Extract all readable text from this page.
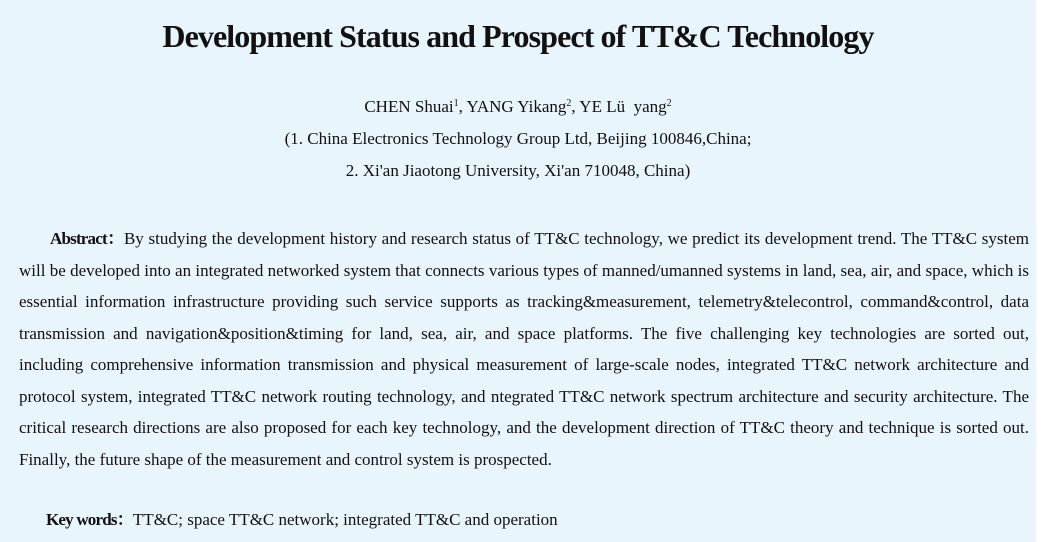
Development Status and Prospect of TT&C Technology
CHEN Shuai$^1$, YANG Yikang$^2$, YE Lü  yang$^2$
(1. China Electronics Technology Group Ltd, Beijing 100846,China;
2. Xi'an Jiaotong University, Xi'an 710048, China)

Abstract：By studying the development history and research status of TT&C technology, we predict its development trend. The TT&C system will be developed into an integrated networked system that connects various types of manned/umanned systems in land, sea, air, and space, which is essential information infrastructure providing such service supports as tracking&measurement, telemetry&telecontrol, command&control, data transmission and navigation&position&timing for land, sea, air, and space platforms. The five challenging key technologies are sorted out, including comprehensive information transmission and physical measurement of large-scale nodes, integrated TT&C network architecture and protocol system, integrated TT&C network routing technology, and ntegrated TT&C network spectrum architecture and security architecture. The critical research directions are also proposed for each key technology, and the development direction of TT&C theory and technique is sorted out. Finally, the future shape of the measurement and control system is prospected.

Key words：TT&C; space TT&C network; integrated TT&C and operation
